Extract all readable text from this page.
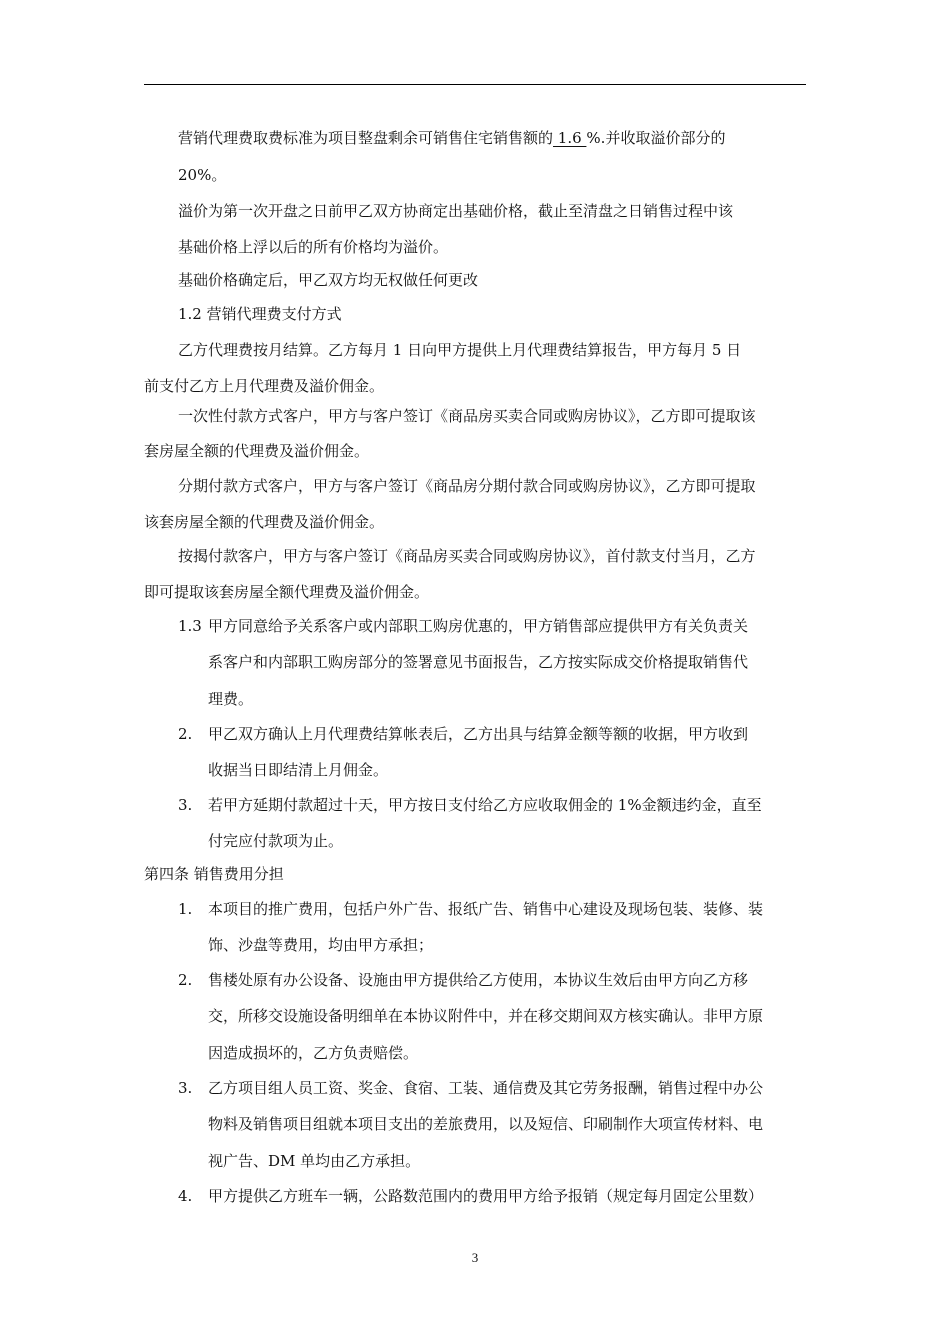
营销代理费取费标准为项目整盘剩余可销售住宅销售额的 1.6 %.并收取溢价部分的
20%。
溢价为第一次开盘之日前甲乙双方协商定出基础价格，截止至清盘之日销售过程中该
基础价格上浮以后的所有价格均为溢价。
基础价格确定后，甲乙双方均无权做任何更改
1.2 营销代理费支付方式
乙方代理费按月结算。乙方每月 1 日向甲方提供上月代理费结算报告，甲方每月 5 日
前支付乙方上月代理费及溢价佣金。
一次性付款方式客户，甲方与客户签订《商品房买卖合同或购房协议》，乙方即可提取该
套房屋全额的代理费及溢价佣金。
分期付款方式客户，甲方与客户签订《商品房分期付款合同或购房协议》，乙方即可提取
该套房屋全额的代理费及溢价佣金。
按揭付款客户，甲方与客户签订《商品房买卖合同或购房协议》，首付款支付当月，乙方
即可提取该套房屋全额代理费及溢价佣金。
1.3 甲方同意给予关系客户或内部职工购房优惠的，甲方销售部应提供甲方有关负责关
系客户和内部职工购房部分的签署意见书面报告，乙方按实际成交价格提取销售代
理费。
2. 甲乙双方确认上月代理费结算帐表后，乙方出具与结算金额等额的收据，甲方收到
收据当日即结清上月佣金。
3. 若甲方延期付款超过十天，甲方按日支付给乙方应收取佣金的 1%金额违约金，直至
付完应付款项为止。
第四条 销售费用分担
1. 本项目的推广费用，包括户外广告、报纸广告、销售中心建设及现场包装、装修、装
饰、沙盘等费用，均由甲方承担；
2. 售楼处原有办公设备、设施由甲方提供给乙方使用，本协议生效后由甲方向乙方移
交，所移交设施设备明细单在本协议附件中，并在移交期间双方核实确认。非甲方原
因造成损坏的，乙方负责赔偿。
3. 乙方项目组人员工资、奖金、食宿、工装、通信费及其它劳务报酬，销售过程中办公
物料及销售项目组就本项目支出的差旅费用，以及短信、印刷制作大项宣传材料、电
视广告、DM 单均由乙方承担。
4. 甲方提供乙方班车一辆，公路数范围内的费用甲方给予报销（规定每月固定公里数）
3
